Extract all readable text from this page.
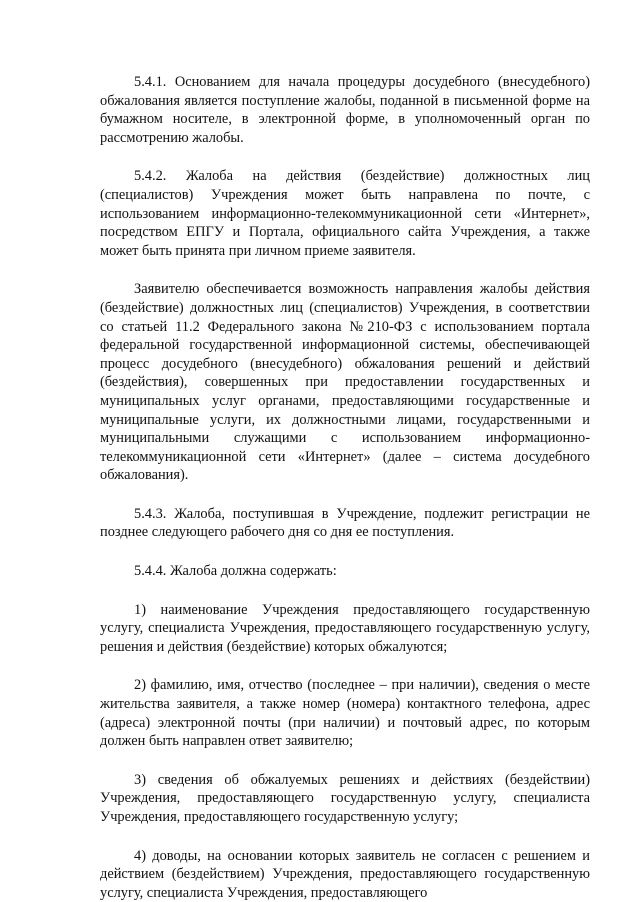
5.4.1. Основанием для начала процедуры досудебного (внесудебного) обжалования является поступление жалобы, поданной в письменной форме на бумажном носителе, в электронной форме, в уполномоченный орган по рассмотрению жалобы.

5.4.2. Жалоба на действия (бездействие) должностных лиц (специалистов) Учреждения может быть направлена по почте, с использованием информационно-телекоммуникационной сети «Интернет», посредством ЕПГУ и Портала, официального сайта Учреждения, а также может быть принята при личном приеме заявителя.

Заявителю обеспечивается возможность направления жалобы действия (бездействие) должностных лиц (специалистов) Учреждения, в соответствии со статьей 11.2 Федерального закона №210-ФЗ с использованием портала федеральной государственной информационной системы, обеспечивающей процесс досудебного (внесудебного) обжалования решений и действий (бездействия), совершенных при предоставлении государственных и муниципальных услуг органами, предоставляющими государственные и муниципальные услуги, их должностными лицами, государственными и муниципальными служащими с использованием информационно-телекоммуникационной сети «Интернет» (далее – система досудебного обжалования).

5.4.3. Жалоба, поступившая в Учреждение, подлежит регистрации не позднее следующего рабочего дня со дня ее поступления.

5.4.4. Жалоба должна содержать:

1) наименование Учреждения предоставляющего государственную услугу, специалиста Учреждения, предоставляющего государственную услугу, решения и действия (бездействие) которых обжалуются;

2) фамилию, имя, отчество (последнее – при наличии), сведения о месте жительства заявителя, а также номер (номера) контактного телефона, адрес (адреса) электронной почты (при наличии) и почтовый адрес, по которым должен быть направлен ответ заявителю;

3) сведения об обжалуемых решениях и действиях (бездействии) Учреждения, предоставляющего государственную услугу, специалиста Учреждения, предоставляющего государственную услугу;

4) доводы, на основании которых заявитель не согласен с решением и действием (бездействием) Учреждения, предоставляющего государственную услугу, специалиста Учреждения, предоставляющего
